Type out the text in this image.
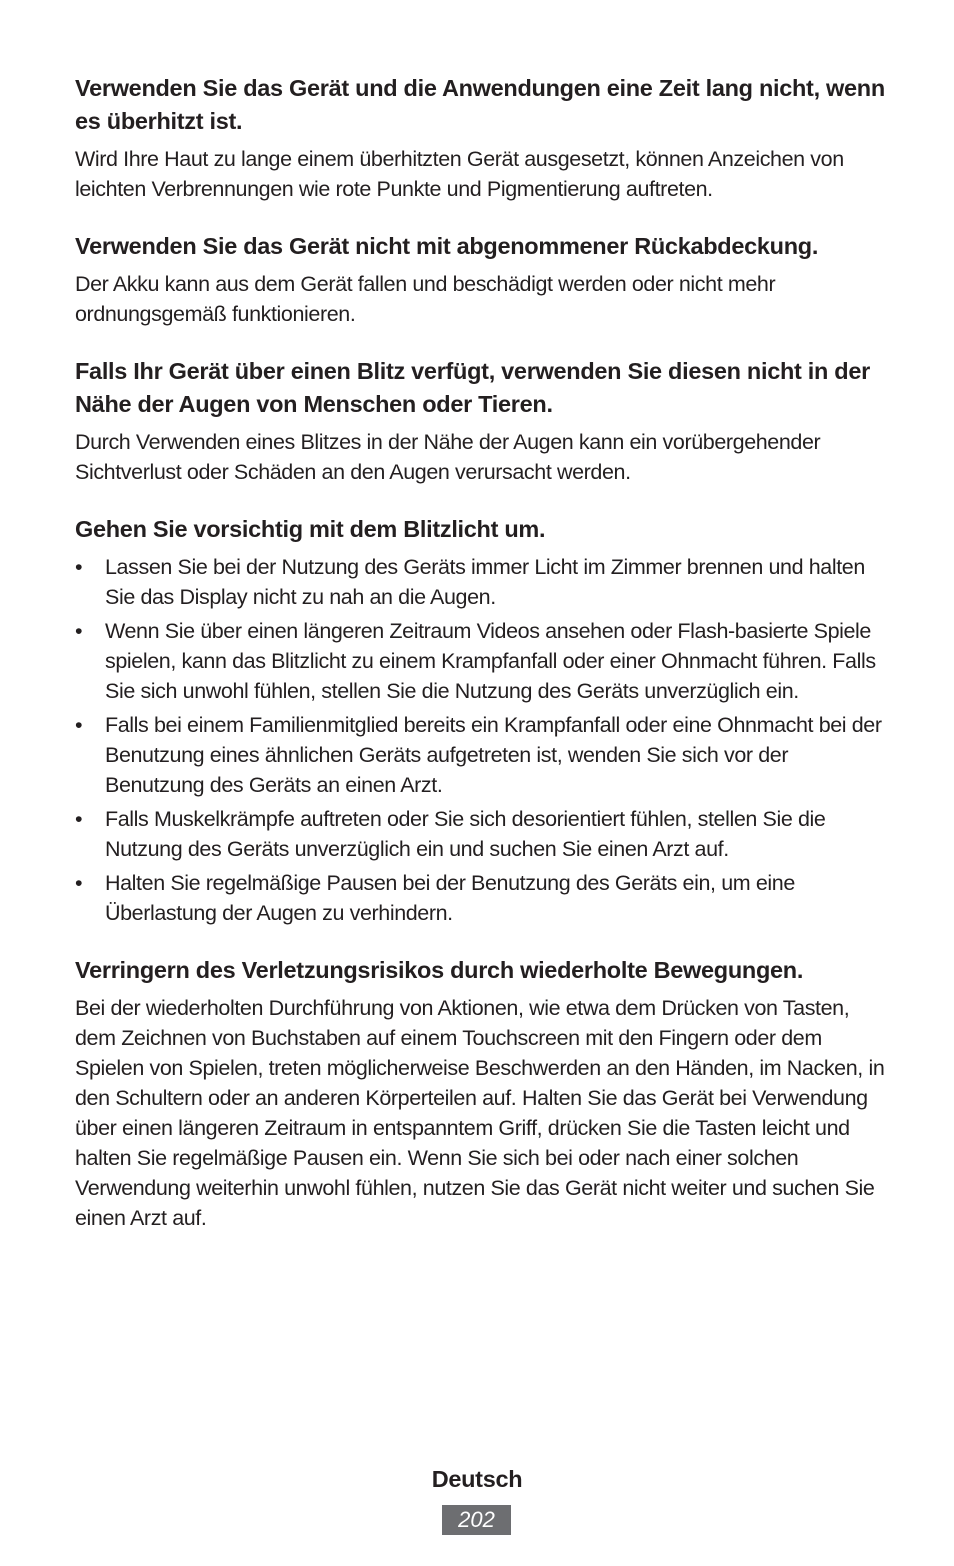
Verwenden Sie das Gerät und die Anwendungen eine Zeit lang nicht, wenn es überhitzt ist.

Wird Ihre Haut zu lange einem überhitzten Gerät ausgesetzt, können Anzeichen von leichten Verbrennungen wie rote Punkte und Pigmentierung auftreten.

Verwenden Sie das Gerät nicht mit abgenommener Rückabdeckung.

Der Akku kann aus dem Gerät fallen und beschädigt werden oder nicht mehr ordnungsgemäß funktionieren.

Falls Ihr Gerät über einen Blitz verfügt, verwenden Sie diesen nicht in der Nähe der Augen von Menschen oder Tieren.

Durch Verwenden eines Blitzes in der Nähe der Augen kann ein vorübergehender Sichtverlust oder Schäden an den Augen verursacht werden.

Gehen Sie vorsichtig mit dem Blitzlicht um.
• Lassen Sie bei der Nutzung des Geräts immer Licht im Zimmer brennen und halten Sie das Display nicht zu nah an die Augen.
• Wenn Sie über einen längeren Zeitraum Videos ansehen oder Flash-basierte Spiele spielen, kann das Blitzlicht zu einem Krampfanfall oder einer Ohnmacht führen. Falls Sie sich unwohl fühlen, stellen Sie die Nutzung des Geräts unverzüglich ein.
• Falls bei einem Familienmitglied bereits ein Krampfanfall oder eine Ohnmacht bei der Benutzung eines ähnlichen Geräts aufgetreten ist, wenden Sie sich vor der Benutzung des Geräts an einen Arzt.
• Falls Muskelkrämpfe auftreten oder Sie sich desorientiert fühlen, stellen Sie die Nutzung des Geräts unverzüglich ein und suchen Sie einen Arzt auf.
• Halten Sie regelmäßige Pausen bei der Benutzung des Geräts ein, um eine Überlastung der Augen zu verhindern.
Verringern des Verletzungsrisikos durch wiederholte Bewegungen.

Bei der wiederholten Durchführung von Aktionen, wie etwa dem Drücken von Tasten, dem Zeichnen von Buchstaben auf einem Touchscreen mit den Fingern oder dem Spielen von Spielen, treten möglicherweise Beschwerden an den Händen, im Nacken, in den Schultern oder an anderen Körperteilen auf. Halten Sie das Gerät bei Verwendung über einen längeren Zeitraum in entspanntem Griff, drücken Sie die Tasten leicht und halten Sie regelmäßige Pausen ein. Wenn Sie sich bei oder nach einer solchen Verwendung weiterhin unwohl fühlen, nutzen Sie das Gerät nicht weiter und suchen Sie einen Arzt auf.

Deutsch
202
